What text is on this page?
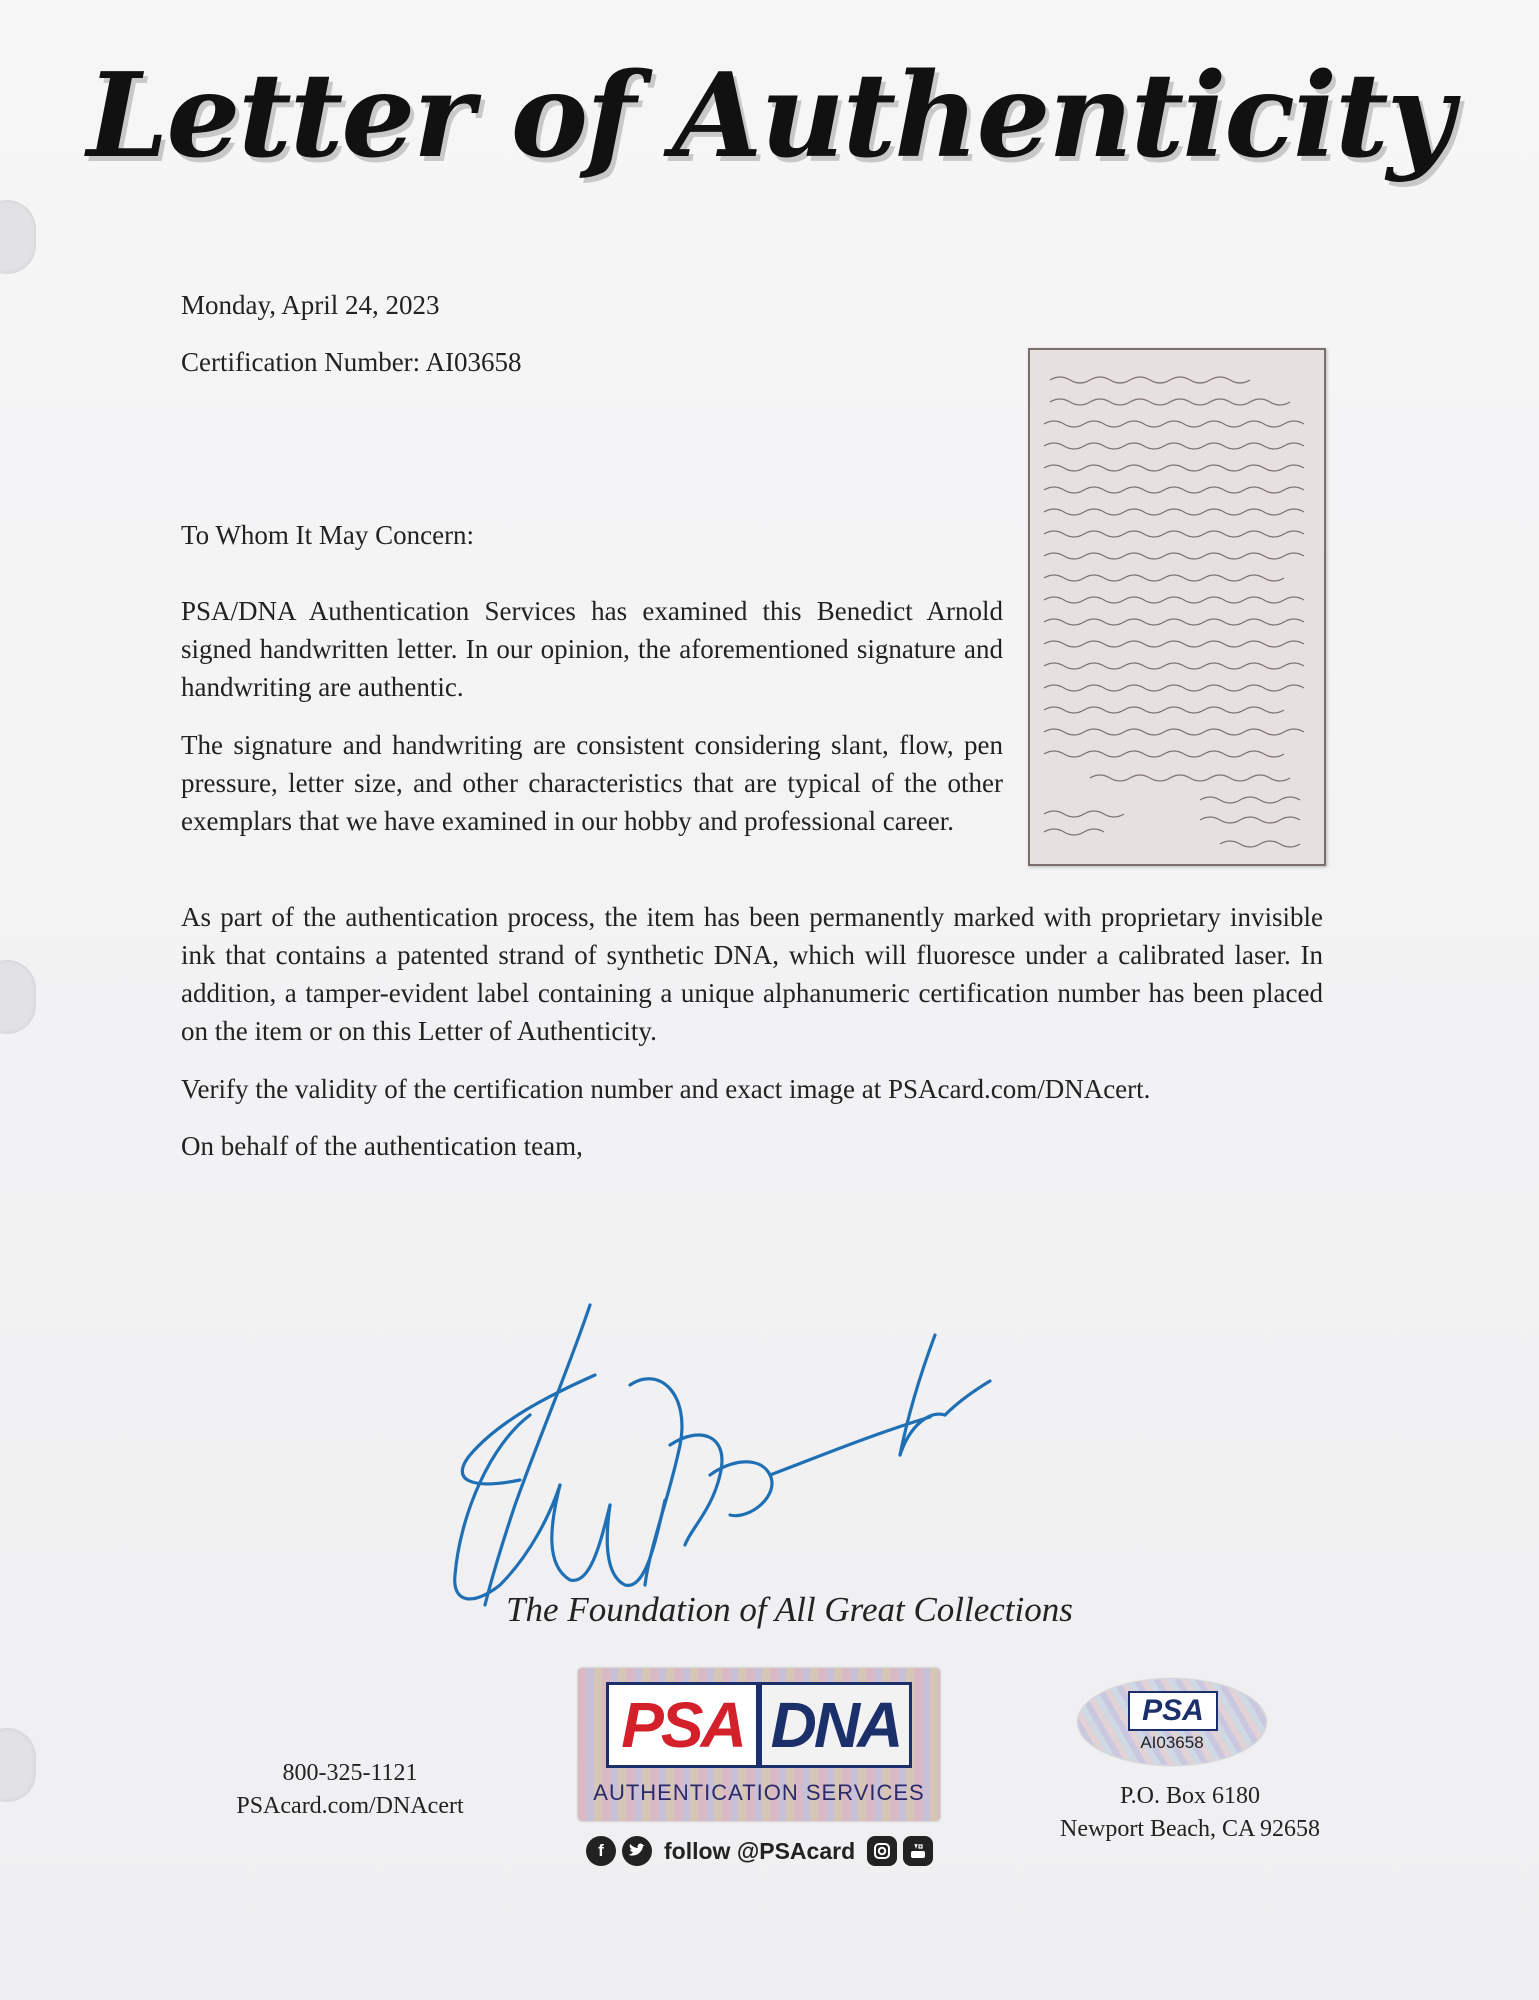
Letter of Authenticity
Monday, April 24, 2023
Certification Number: AI03658
To Whom It May Concern:
PSA/DNA Authentication Services has examined this Benedict Arnold signed handwritten letter. In our opinion, the aforementioned signature and handwriting are authentic.
The signature and handwriting are consistent considering slant, flow, pen pressure, letter size, and other characteristics that are typical of the other exemplars that we have examined in our hobby and professional career.
As part of the authentication process, the item has been permanently marked with proprietary invisible ink that contains a patented strand of synthetic DNA, which will fluoresce under a calibrated laser. In addition, a tamper-evident label containing a unique alphanumeric certification number has been placed on the item or on this Letter of Authenticity.
Verify the validity of the certification number and exact image at PSAcard.com/DNAcert.
On behalf of the authentication team,
The Foundation of All Great Collections
800-325-1121
PSAcard.com/DNAcert
PSA DNA
AUTHENTICATION SERVICES
f	follow @PSAcard
PSA
AI03658
P.O. Box 6180
Newport Beach, CA 92658
